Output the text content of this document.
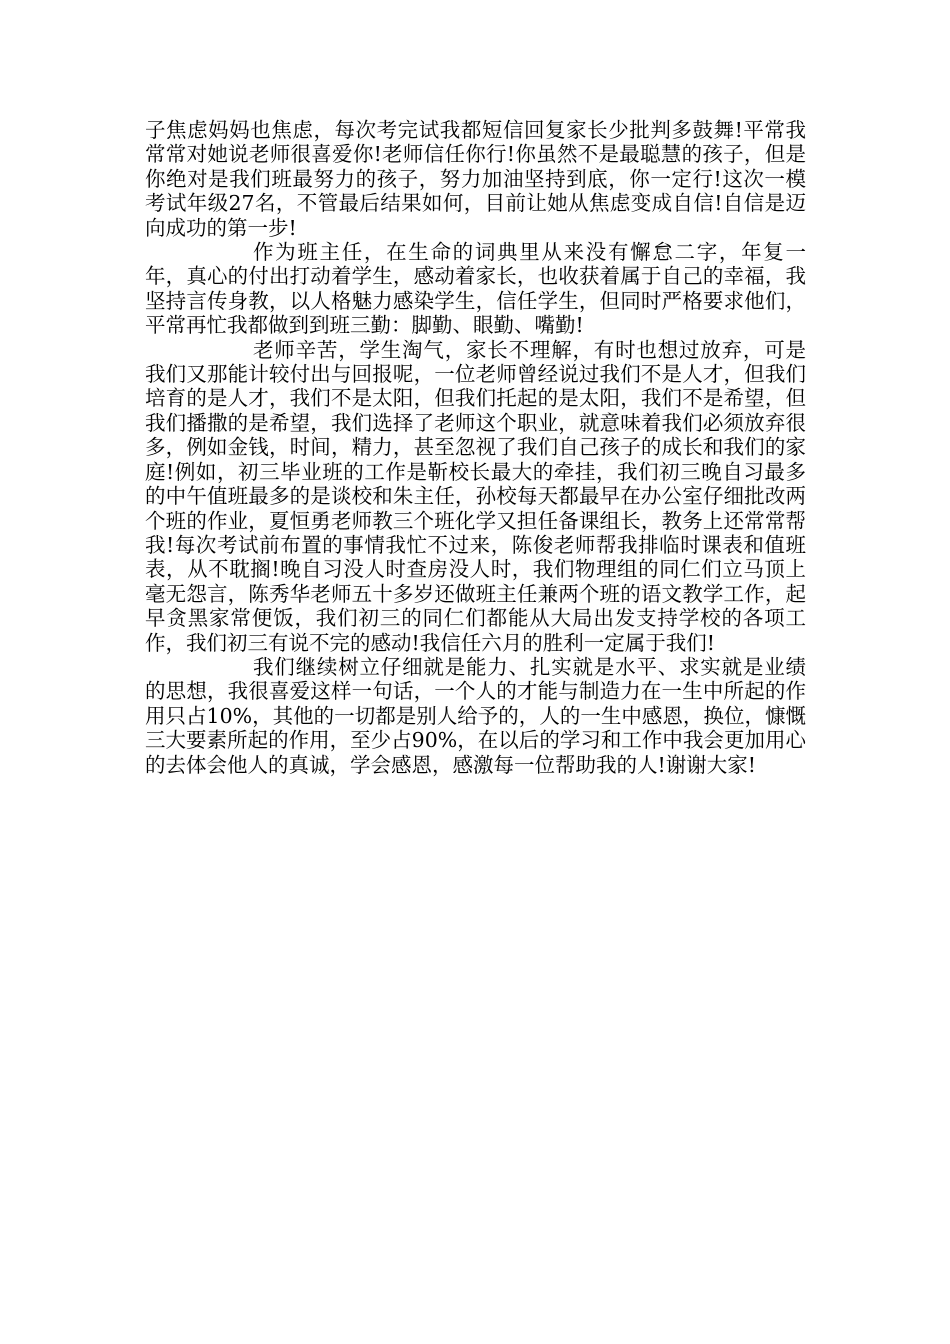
子焦虑妈妈也焦虑，每次考完试我都短信回复家长少批判多鼓舞!平常我常常对她说老师很喜爱你!老师信任你行!你虽然不是最聪慧的孩子，但是你绝对是我们班最努力的孩子，努力加油坚持到底，你一定行!这次一模考试年级27名，不管最后结果如何，目前让她从焦虑变成自信!自信是迈向成功的第一步!

作为班主任，在生命的词典里从来没有懈怠二字，年复一年，真心的付出打动着学生，感动着家长，也收获着属于自己的幸福，我坚持言传身教，以人格魅力感染学生，信任学生，但同时严格要求他们，平常再忙我都做到到班三勤：脚勤、眼勤、嘴勤!

老师辛苦，学生淘气，家长不理解，有时也想过放弃，可是我们又那能计较付出与回报呢，一位老师曾经说过我们不是人才，但我们培育的是人才，我们不是太阳，但我们托起的是太阳，我们不是希望，但我们播撒的是希望，我们选择了老师这个职业，就意味着我们必须放弃很多，例如金钱，时间，精力，甚至忽视了我们自己孩子的成长和我们的家庭!例如，初三毕业班的工作是靳校长最大的牵挂，我们初三晚自习最多的中午值班最多的是谈校和朱主任，孙校每天都最早在办公室仔细批改两个班的作业，夏恒勇老师教三个班化学又担任备课组长，教务上还常常帮我!每次考试前布置的事情我忙不过来，陈俊老师帮我排临时课表和值班表，从不耽搁!晚自习没人时查房没人时，我们物理组的同仁们立马顶上毫无怨言，陈秀华老师五十多岁还做班主任兼两个班的语文教学工作，起早贪黑家常便饭，我们初三的同仁们都能从大局出发支持学校的各项工作，我们初三有说不完的感动!我信任六月的胜利一定属于我们!

我们继续树立仔细就是能力、扎实就是水平、求实就是业绩的思想，我很喜爱这样一句话，一个人的才能与制造力在一生中所起的作用只占10%，其他的一切都是别人给予的，人的一生中感恩，换位，慷慨三大要素所起的作用，至少占90%，在以后的学习和工作中我会更加用心的去体会他人的真诚，学会感恩，感激每一位帮助我的人!谢谢大家!
